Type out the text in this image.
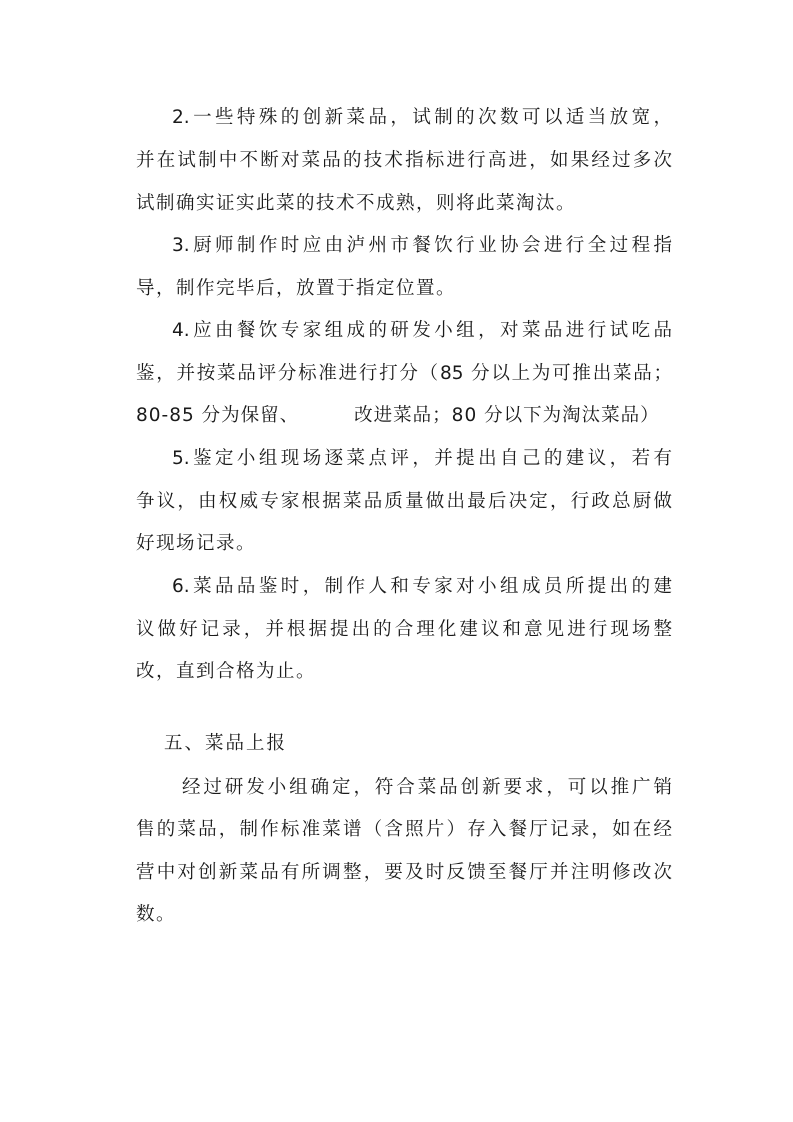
2.一些特殊的创新菜品，试制的次数可以适当放宽，
并在试制中不断对菜品的技术指标进行高进，如果经过多次
试制确实证实此菜的技术不成熟，则将此菜淘汰。
3.厨师制作时应由泸州市餐饮行业协会进行全过程指
导，制作完毕后，放置于指定位置。
4.应由餐饮专家组成的研发小组，对菜品进行试吃品
鉴，并按菜品评分标准进行打分（85 分以上为可推出菜品；
80-85 分为保留、        改进菜品；80 分以下为淘汰菜品）
5.鉴定小组现场逐菜点评，并提出自己的建议，若有
争议，由权威专家根据菜品质量做出最后决定，行政总厨做
好现场记录。
6.菜品品鉴时，制作人和专家对小组成员所提出的建
议做好记录，并根据提出的合理化建议和意见进行现场整
改，直到合格为止。
五、菜品上报
经过研发小组确定，符合菜品创新要求，可以推广销
售的菜品，制作标准菜谱（含照片）存入餐厅记录，如在经
营中对创新菜品有所调整，要及时反馈至餐厅并注明修改次
数。
